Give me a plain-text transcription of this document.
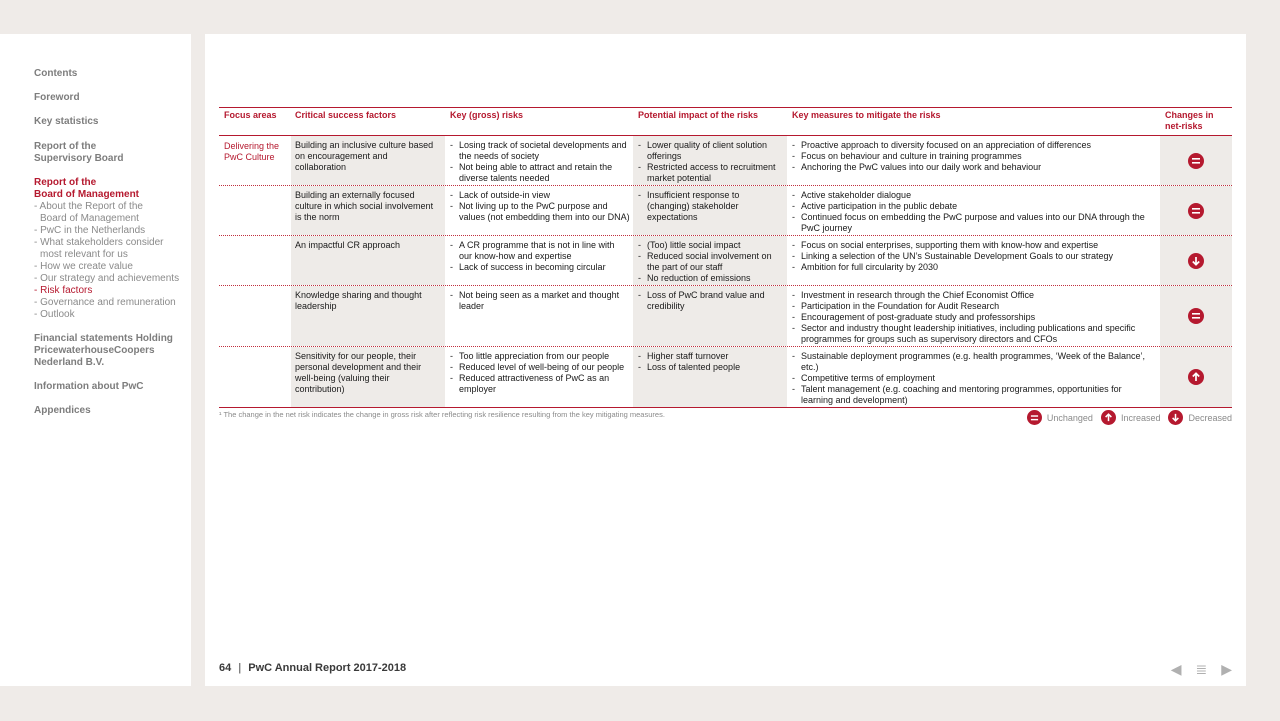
Contents
Foreword
Key statistics
Report of the
Supervisory Board
Report of the
Board of Management
- About the Report of the
Board of Management
- PwC in the Netherlands
- What stakeholders consider
most relevant for us
- How we create value
- Our strategy and achievements
- Risk factors
- Governance and remuneration
- Outlook
Financial statements Holding
PricewaterhouseCoopers
Nederland B.V.
Information about PwC
Appendices
Focus areas Critical success factors	Key (gross) risks	Potential impact of the risks	Key measures to mitigate the risks	Changes in
net-risks
Delivering the
PwC Culture
Building an inclusive culture based on encouragement and collaboration
- Losing track of societal developments and the needs of society
- Not being able to attract and retain the diverse talents needed
- Lower quality of client solution offerings
- Restricted access to recruitment market potential
- Proactive approach to diversity focused on an appreciation of differences
- Focus on behaviour and culture in training programmes
- Anchoring the PwC values into our daily work and behaviour
Building an externally focused culture in which social involvement is the norm
- Lack of outside-in view
- Not living up to the PwC purpose and values (not embedding them into our DNA)
- Insufficient response to (changing) stakeholder expectations
- Active stakeholder dialogue
- Active participation in the public debate
- Continued focus on embedding the PwC purpose and values into our DNA through the PwC journey
An impactful CR approach
-	A CR programme that is not in line with our know-how and expertise
- Lack of success in becoming circular
- (Too) little social impact
- Reduced social involvement on the part of our staff
- No reduction of emissions
- Focus on social enterprises, supporting them with know-how and expertise
- Linking a selection of the UN’s Sustainable Development Goals to our strategy
- Ambition for full circularity by 2030
Knowledge sharing and thought leadership
- Not being seen as a market and thought leader
- Loss of PwC brand value and credibility
- Investment in research through the Chief Economist Office
- Participation in the Foundation for Audit Research
- Encouragement of post-graduate study and professorships
- Sector and industry thought leadership initiatives, including publications and specific programmes for groups such as supervisory directors and CFOs
Sensitivity for our people, their personal development and their well-being (valuing their contribution)
- Too little appreciation from our people
- Reduced level of well-being of our people
- Reduced attractiveness of PwC as an employer
- Higher staff turnover
- Loss of talented people
- Sustainable deployment programmes (e.g. health programmes, ‘Week of the Balance’, etc.)
- Competitive terms of employment
- Talent management (e.g. coaching and mentoring programmes, opportunities for learning and development)
¹ The change in the net risk indicates the change in gross risk after reflecting risk resilience resulting from the key mitigating measures.	Unchanged	Increased	Decreased
64 | PwC Annual Report 2017-2018	◀ ≣ ▶
